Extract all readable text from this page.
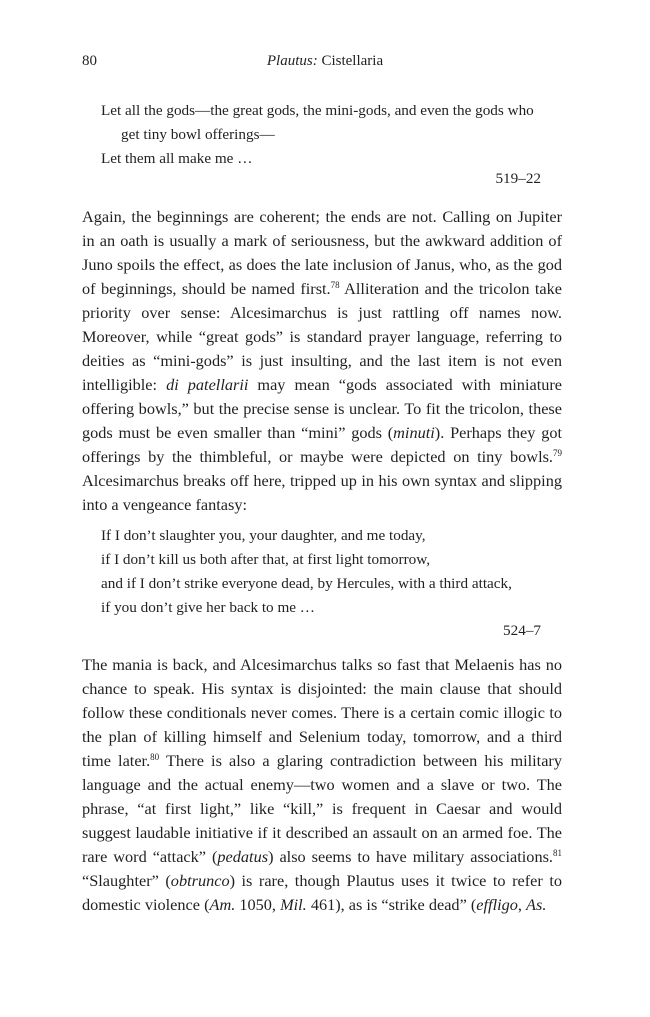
80	Plautus: Cistellaria
Let all the gods—the great gods, the mini-gods, and even the gods who
get tiny bowl offerings—
Let them all make me …
519–22

Again, the beginnings are coherent; the ends are not. Calling on Jupiter in an oath is usually a mark of seriousness, but the awkward addition of Juno spoils the effect, as does the late inclusion of Janus, who, as the god of beginnings, should be named first.$^{78}$ Alliteration and the tricolon take priority over sense: Alcesimarchus is just rattling off names now. Moreover, while “great gods” is standard prayer language, referring to deities as “mini-gods” is just insulting, and the last item is not even intelligible: di patellarii may mean “gods associated with miniature offering bowls,” but the precise sense is unclear. To fit the tricolon, these gods must be even smaller than “mini” gods (minuti). Perhaps they got offerings by the thimbleful, or maybe were depicted on tiny bowls.$^{79}$ Alcesimarchus breaks off here, tripped up in his own syntax and slipping into a vengeance fantasy:

If I don’t slaughter you, your daughter, and me today,
if I don’t kill us both after that, at first light tomorrow,
and if I don’t strike everyone dead, by Hercules, with a third attack,
if you don’t give her back to me …
524–7

The mania is back, and Alcesimarchus talks so fast that Melaenis has no chance to speak. His syntax is disjointed: the main clause that should follow these conditionals never comes. There is a certain comic illogic to the plan of killing himself and Selenium today, tomorrow, and a third time later.$^{80}$ There is also a glaring contradiction between his military language and the actual enemy—two women and a slave or two. The phrase, “at first light,” like “kill,” is frequent in Caesar and would suggest laudable initiative if it described an assault on an armed foe. The rare word “attack” (pedatus) also seems to have military associations.$^{81}$ “Slaughter” (obtrunco) is rare, though Plautus uses it twice to refer to domestic violence (Am. 1050, Mil. 461), as is “strike dead” (effligo, As.
